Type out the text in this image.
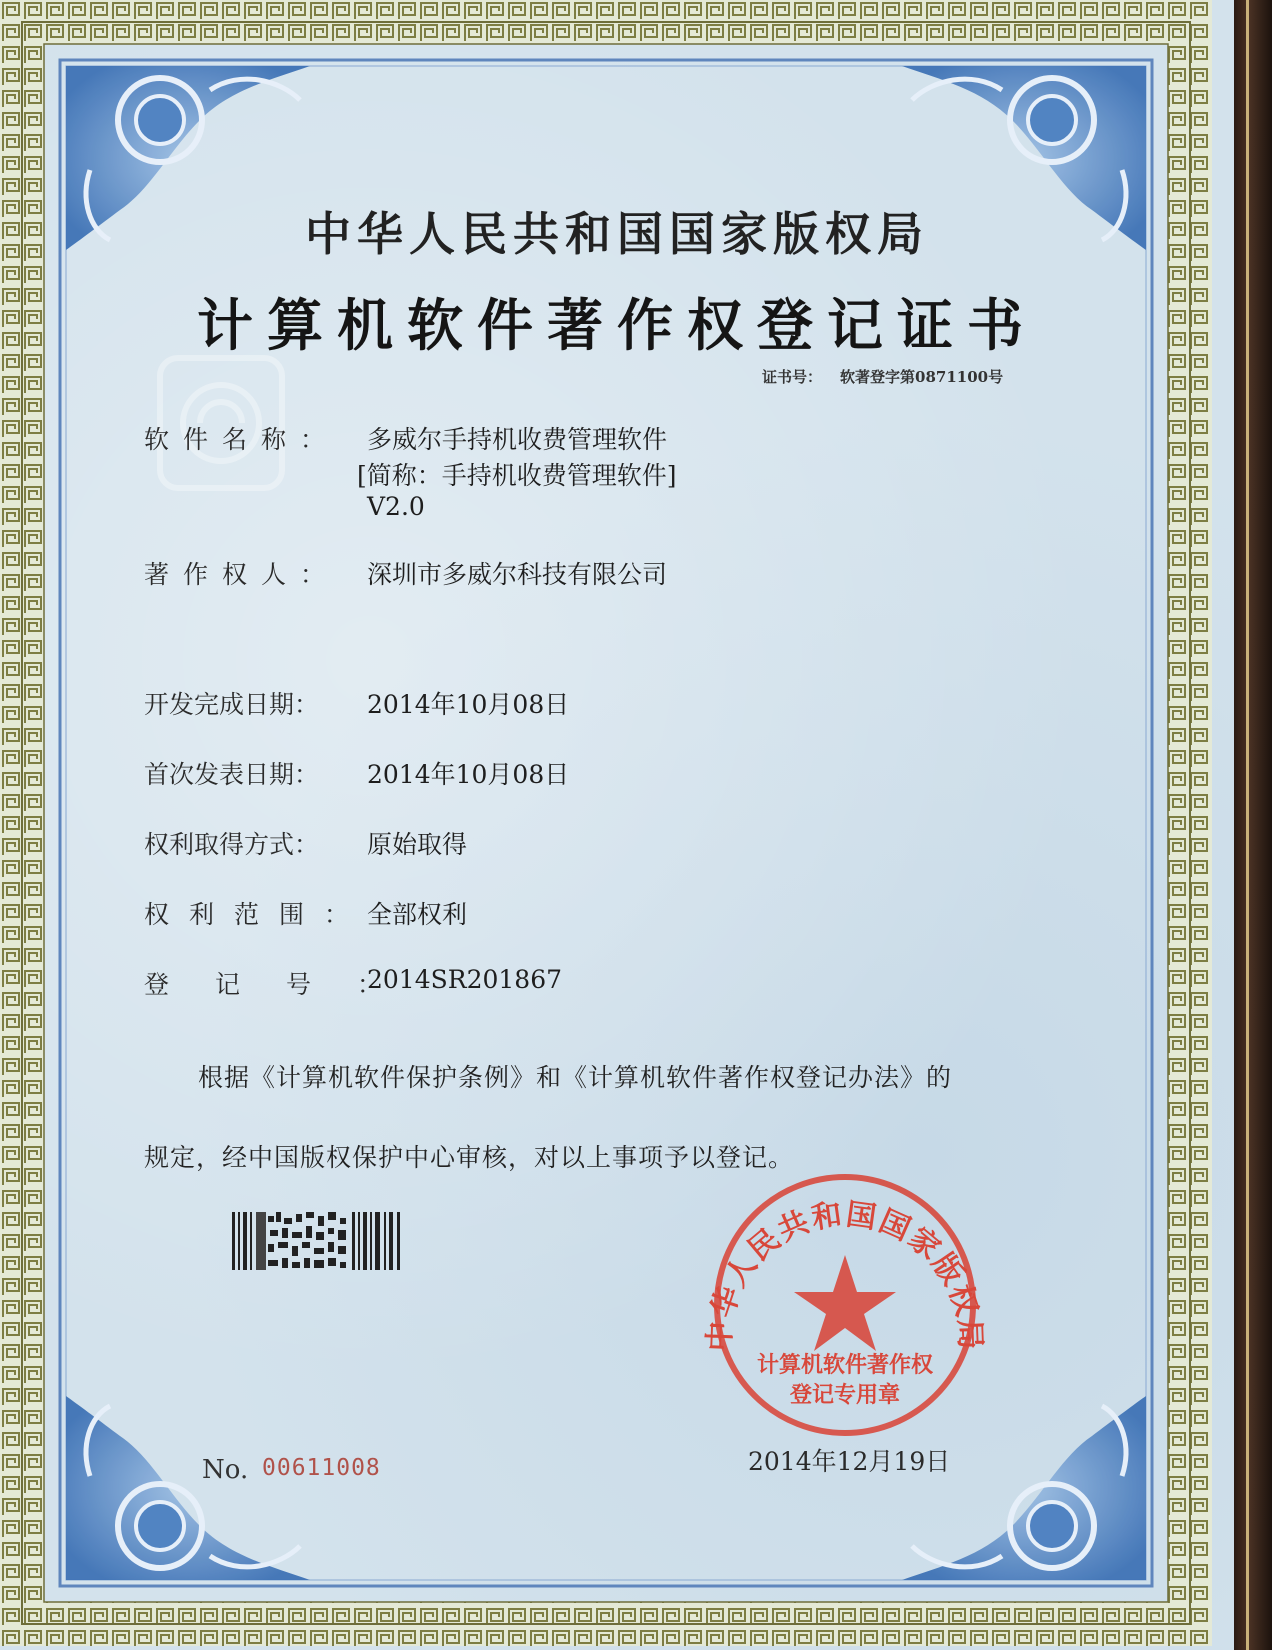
中华人民共和国国家版权局
计算机软件著作权
登记专用章
中华人民共和国国家版权局
计算机软件著作权登记证书
证书号： 软著登字第0871100号
软件名称： 多威尔手持机收费管理软件
[简称：手持机收费管理软件]
V2.0
著作权人： 深圳市多威尔科技有限公司
开发完成日期： 2014年10月08日
首次发表日期： 2014年10月08日
权利取得方式： 原始取得
权利范围：
全部权利
登记号：
2014SR201867
根据《计算机软件保护条例》和《计算机软件著作权登记办法》的
规定，经中国版权保护中心审核，对以上事项予以登记。
No. 00611008	2014年12月19日
